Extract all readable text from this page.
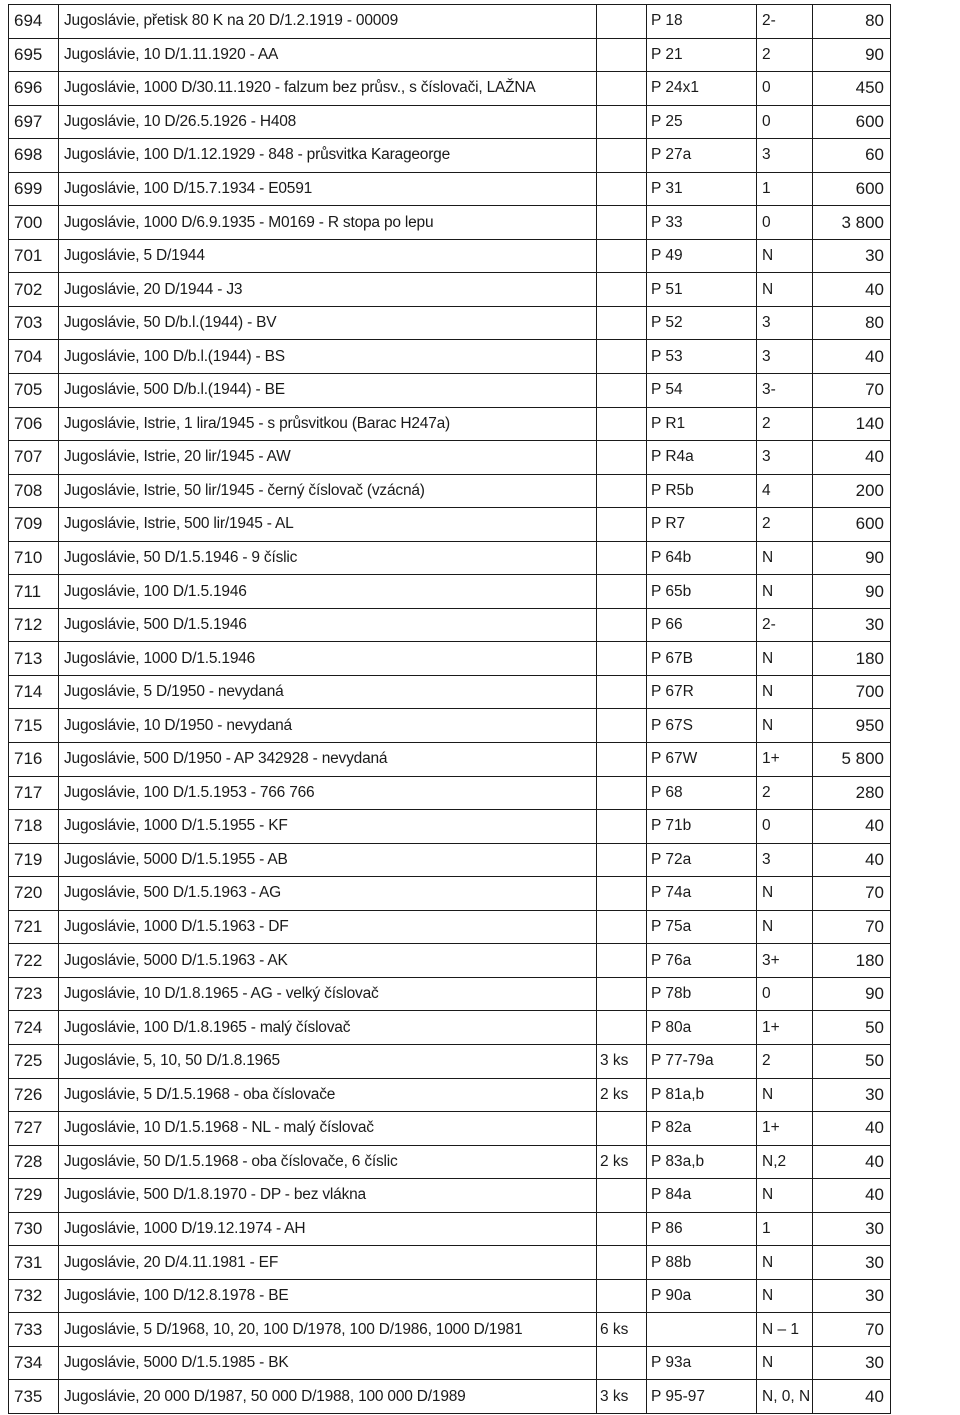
694	Jugoslávie, přetisk 80 K na 20 D/1.2.1919 - 00009		P 18	2-	80
695	Jugoslávie, 10 D/1.11.1920 - AA		P 21	2	90
696	Jugoslávie, 1000 D/30.11.1920 - falzum bez průsv., s číslovači, LAŽNA		P 24x1	0	450
697	Jugoslávie, 10 D/26.5.1926 - H408		P 25	0	600
698	Jugoslávie, 100 D/1.12.1929 - 848 - průsvitka Karageorge		P 27a	3	60
699	Jugoslávie, 100 D/15.7.1934 - E0591		P 31	1	600
700	Jugoslávie, 1000 D/6.9.1935 - M0169 - R stopa po lepu		P 33	0	3 800
701	Jugoslávie, 5 D/1944		P 49	N	30
702	Jugoslávie, 20 D/1944 - J3		P 51	N	40
703	Jugoslávie, 50 D/b.l.(1944) - BV		P 52	3	80
704	Jugoslávie, 100 D/b.l.(1944) - BS		P 53	3	40
705	Jugoslávie, 500 D/b.l.(1944) - BE		P 54	3-	70
706	Jugoslávie, Istrie, 1 lira/1945 - s průsvitkou (Barac H247a)		P R1	2	140
707	Jugoslávie, Istrie, 20 lir/1945 - AW		P R4a	3	40
708	Jugoslávie, Istrie, 50 lir/1945 - černý číslovač (vzácná)		P R5b	4	200
709	Jugoslávie, Istrie, 500 lir/1945 - AL		P R7	2	600
710	Jugoslávie, 50 D/1.5.1946 - 9 číslic		P 64b	N	90
711	Jugoslávie, 100 D/1.5.1946		P 65b	N	90
712	Jugoslávie, 500 D/1.5.1946		P 66	2-	30
713	Jugoslávie, 1000 D/1.5.1946		P 67B	N	180
714	Jugoslávie, 5 D/1950 - nevydaná		P 67R	N	700
715	Jugoslávie, 10 D/1950 - nevydaná		P 67S	N	950
716	Jugoslávie, 500 D/1950 - AP 342928 - nevydaná		P 67W	1+	5 800
717	Jugoslávie, 100 D/1.5.1953 - 766 766		P 68	2	280
718	Jugoslávie, 1000 D/1.5.1955 - KF		P 71b	0	40
719	Jugoslávie, 5000 D/1.5.1955 - AB		P 72a	3	40
720	Jugoslávie, 500 D/1.5.1963 - AG		P 74a	N	70
721	Jugoslávie, 1000 D/1.5.1963 - DF		P 75a	N	70
722	Jugoslávie, 5000 D/1.5.1963 - AK		P 76a	3+	180
723	Jugoslávie, 10 D/1.8.1965 - AG - velký číslovač		P 78b	0	90
724	Jugoslávie, 100 D/1.8.1965 - malý číslovač		P 80a	1+	50
725	Jugoslávie, 5, 10, 50 D/1.8.1965	3 ks	P 77-79a	2	50
726	Jugoslávie, 5 D/1.5.1968 - oba číslovače	2 ks	P 81a,b	N	30
727	Jugoslávie, 10 D/1.5.1968 - NL - malý číslovač		P 82a	1+	40
728	Jugoslávie, 50 D/1.5.1968 - oba číslovače, 6 číslic	2 ks	P 83a,b	N,2	40
729	Jugoslávie, 500 D/1.8.1970 - DP - bez vlákna		P 84a	N	40
730	Jugoslávie, 1000 D/19.12.1974 - AH		P 86	1	30
731	Jugoslávie, 20 D/4.11.1981 - EF		P 88b	N	30
732	Jugoslávie, 100 D/12.8.1978 - BE		P 90a	N	30
733	Jugoslávie, 5 D/1968, 10, 20, 100 D/1978, 100 D/1986, 1000 D/1981	6 ks		N – 1	70
734	Jugoslávie, 5000 D/1.5.1985 - BK		P 93a	N	30
735	Jugoslávie, 20 000 D/1987, 50 000 D/1988, 100 000 D/1989	3 ks	P 95-97	N, 0, N	40
